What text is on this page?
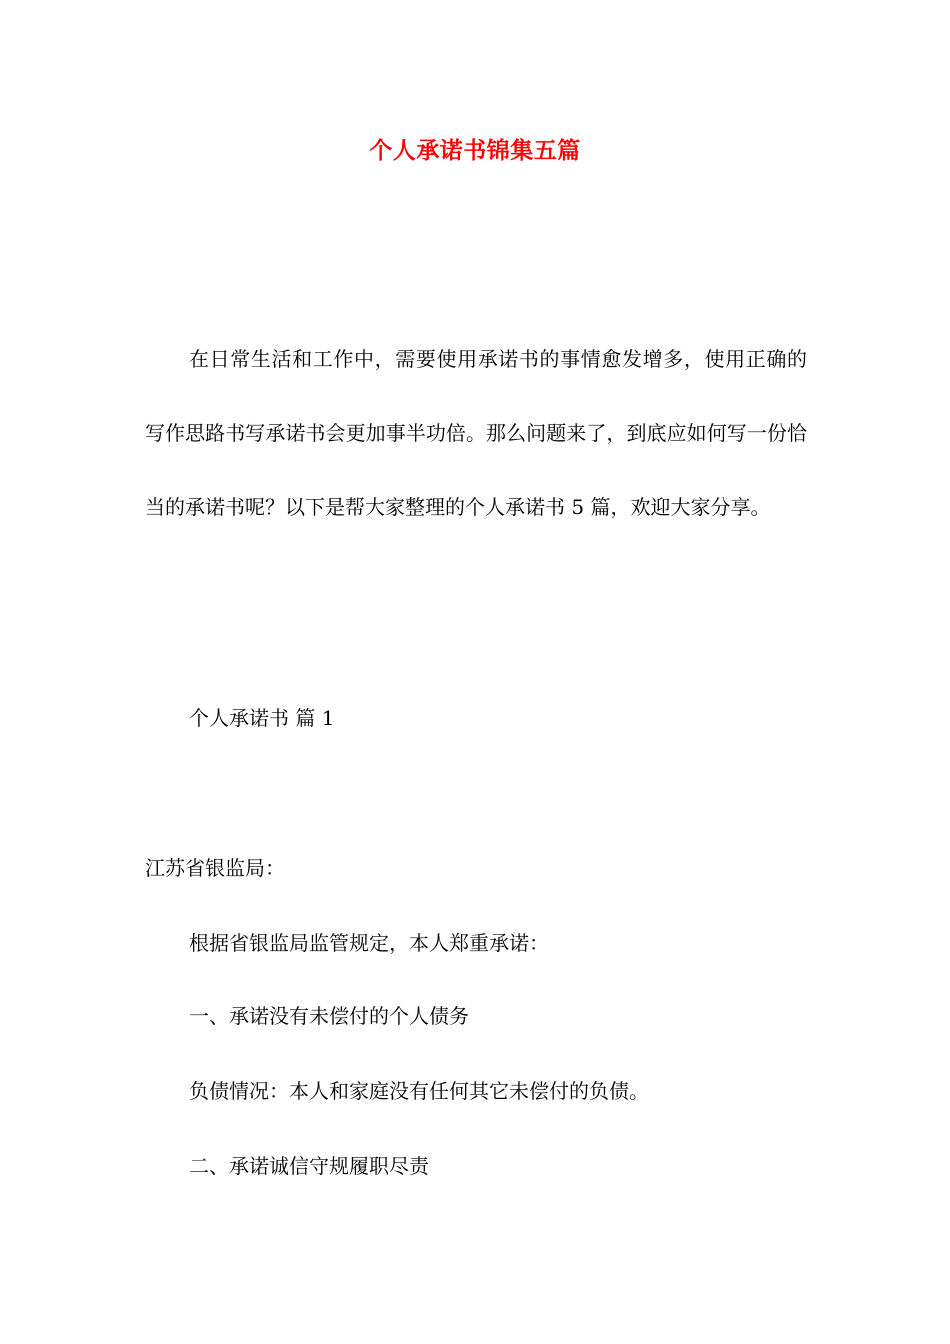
个人承诺书锦集五篇

在日常生活和工作中，需要使用承诺书的事情愈发增多，使用正确的写作思路书写承诺书会更加事半功倍。那么问题来了，到底应如何写一份恰当的承诺书呢？以下是帮大家整理的个人承诺书 5 篇，欢迎大家分享。

个人承诺书 篇 1

江苏省银监局：

根据省银监局监管规定，本人郑重承诺：

一、承诺没有未偿付的个人债务

负债情况：本人和家庭没有任何其它未偿付的负债。

二、承诺诚信守规履职尽责
